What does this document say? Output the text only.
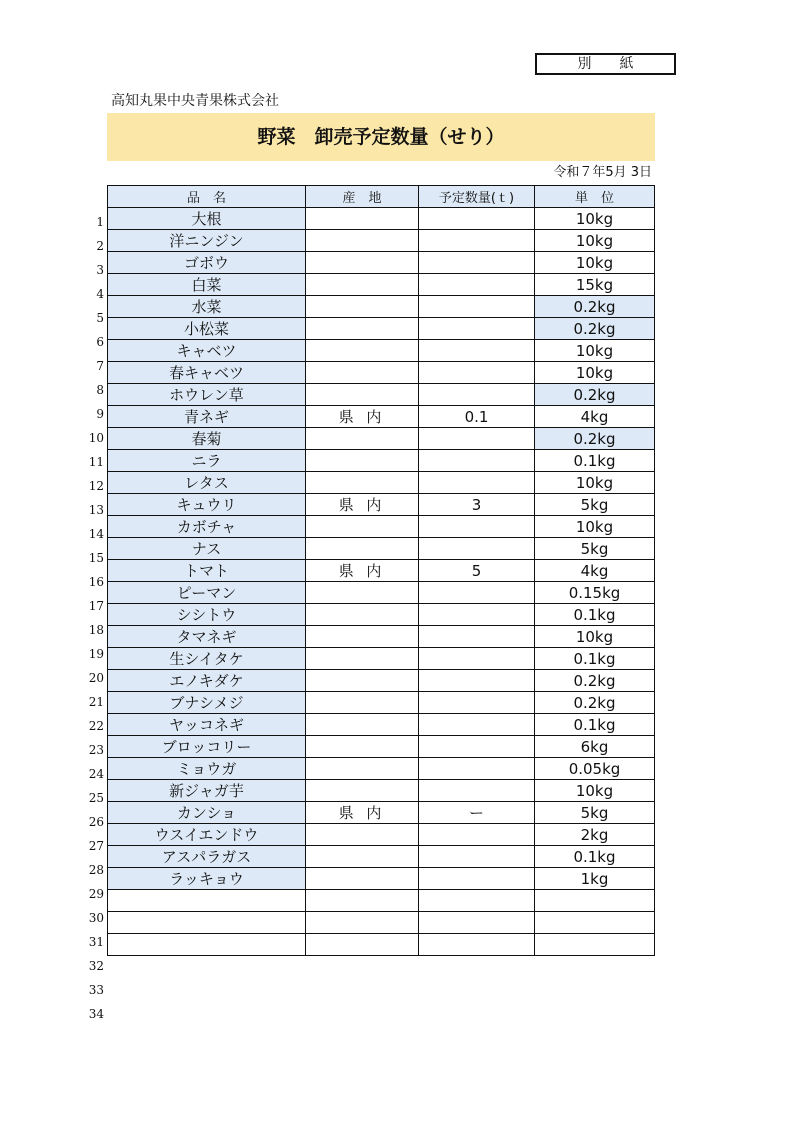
別　　紙
高知丸果中央青果株式会社
野菜　卸売予定数量（せり）
令和７年5月 3日
1
2
3
4
5
6
7
8
9
10
11
12
13
14
15
16
17
18
19
20
21
22
23
24
25
26
27
28
29
30
31
32
33
34
品　名	産　地	予定数量(ｔ)	単　位
大根			10kg
洋ニンジン			10kg
ゴボウ			10kg
白菜			15kg
水菜			0.2kg
小松菜			0.2kg
キャベツ			10kg
春キャベツ			10kg
ホウレン草			0.2kg
青ネギ	県 内	0.1	4kg
春菊			0.2kg
ニラ			0.1kg
レタス			10kg
キュウリ	県 内	3	5kg
カボチャ			10kg
ナス			5kg
トマト	県 内	5	4kg
ピーマン			0.15kg
シシトウ			0.1kg
タマネギ			10kg
生シイタケ			0.1kg
エノキダケ			0.2kg
ブナシメジ			0.2kg
ヤッコネギ			0.1kg
ブロッコリー			6kg
ミョウガ			0.05kg
新ジャガ芋			10kg
カンショ	県 内	ー	5kg
ウスイエンドウ			2kg
アスパラガス			0.1kg
ラッキョウ			1kg
